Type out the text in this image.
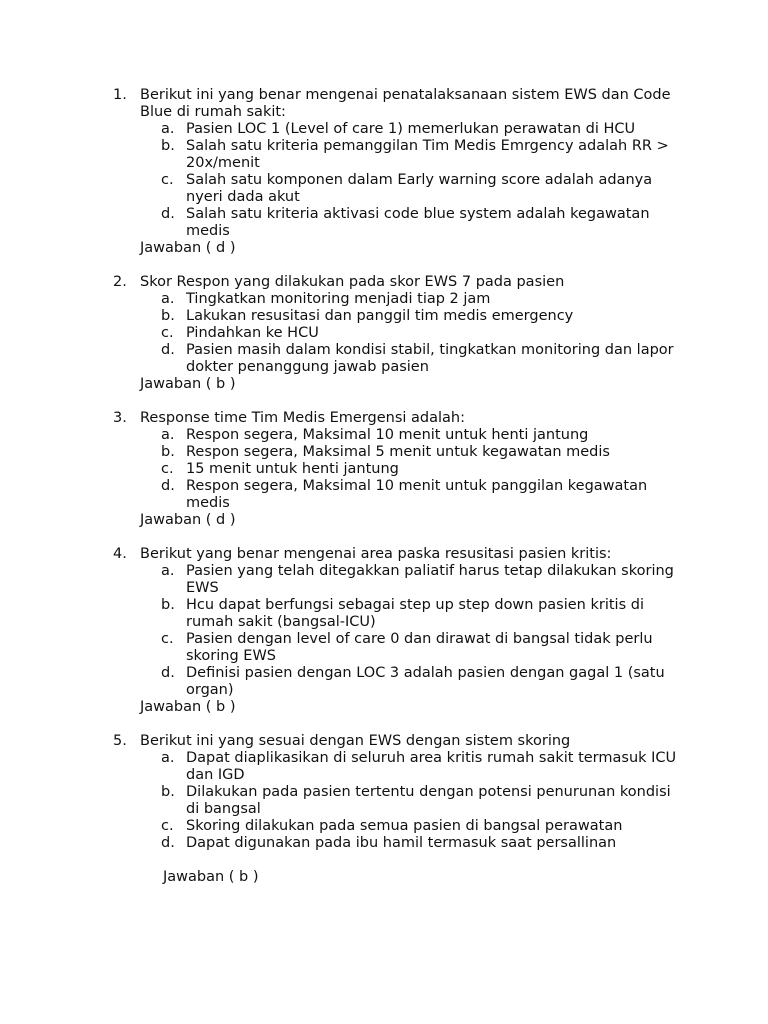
1. Berikut ini yang benar mengenai penatalaksanaan sistem EWS dan Code Blue di rumah sakit:
a. Pasien LOC 1 (Level of care 1) memerlukan perawatan di HCU
b. Salah satu kriteria pemanggilan Tim Medis Emrgency adalah RR > 20x/menit
c. Salah satu komponen dalam Early warning score adalah adanya nyeri dada akut
d. Salah satu kriteria aktivasi code blue system adalah kegawatan medis
Jawaban ( d )
2. Skor Respon yang dilakukan pada skor EWS 7 pada pasien
a. Tingkatkan monitoring menjadi tiap 2 jam
b. Lakukan resusitasi dan panggil tim medis emergency
c. Pindahkan ke HCU
d. Pasien masih dalam kondisi stabil, tingkatkan monitoring dan lapor dokter penanggung jawab pasien
Jawaban ( b )
3. Response time Tim Medis Emergensi adalah:
a. Respon segera, Maksimal 10 menit untuk henti jantung
b. Respon segera, Maksimal 5 menit untuk kegawatan medis
c. 15 menit untuk henti jantung
d. Respon segera, Maksimal 10 menit untuk panggilan kegawatan medis
Jawaban ( d )
4. Berikut yang benar mengenai area paska resusitasi pasien kritis:
a. Pasien yang telah ditegakkan paliatif harus tetap dilakukan skoring EWS
b. Hcu dapat berfungsi sebagai step up step down pasien kritis di rumah sakit (bangsal-ICU)
c. Pasien dengan level of care 0 dan dirawat di bangsal tidak perlu skoring EWS
d. Definisi pasien dengan LOC 3 adalah pasien dengan gagal 1 (satu organ)
Jawaban ( b )
5. Berikut ini yang sesuai dengan EWS dengan sistem skoring
a. Dapat diaplikasikan di seluruh area kritis rumah sakit termasuk ICU dan IGD
b. Dilakukan pada pasien tertentu dengan potensi penurunan kondisi di bangsal
c. Skoring dilakukan pada semua pasien di bangsal perawatan
d. Dapat digunakan pada ibu hamil termasuk saat persallinan
Jawaban ( b )
